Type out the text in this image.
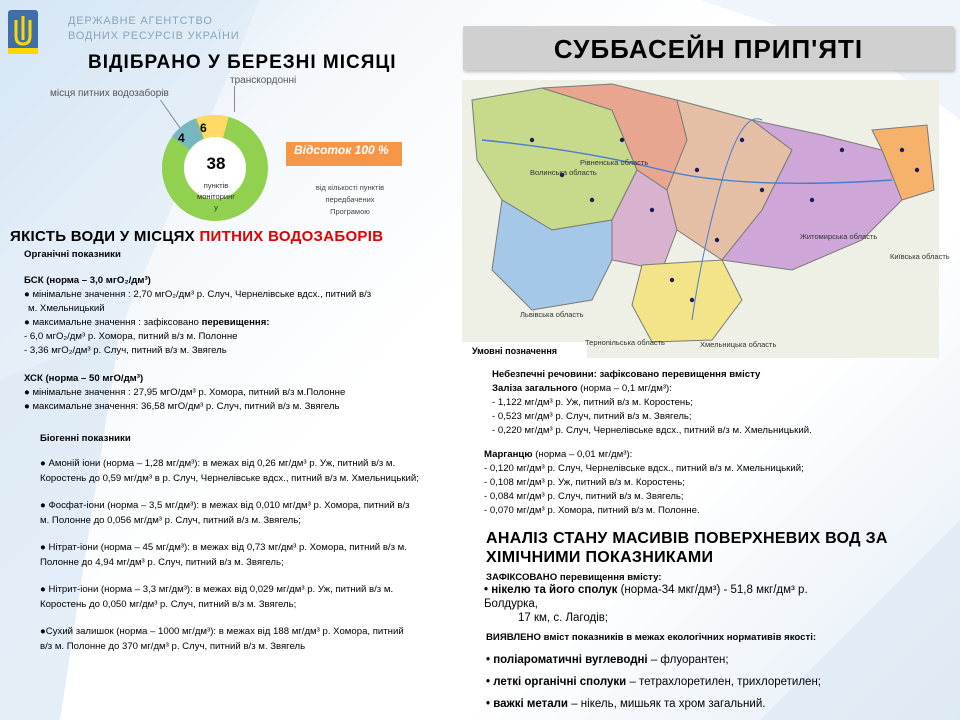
ДЕРЖАВНЕ АГЕНТСТВО
ВОДНИХ РЕСУРСІВ УКРАЇНИ	СУББАСЕЙН ПРИП'ЯТІ
ВІДІБРАНО У БЕРЕЗНІ МІСЯЦІ
транскордонні
місця питних водозаборів
38
пунктів
моніторинг
у
4
6
Відсоток 100 %
від кількості пунктів
передбачених
Програмою
ЯКІСТЬ ВОДИ У МІСЦЯХ ПИТНИХ ВОДОЗАБОРІВ
Органічні показники
БСК (норма – 3,0 мгО₂/дм³)
● мінімальне значення : 2,70 мгО₂/дм³ р. Случ, Чернелівське вдсх., питний в/з
м. Хмельницький
● максимальне значення : зафіксовано перевищення:
- 6,0 мгО₂/дм³ р. Хомора, питний в/з м. Полонне
- 3,36 мгО₂/дм³ р. Случ, питний в/з м. Звягель
ХСК (норма – 50 мгО/дм³)
● мінімальне значення : 27,95 мгО/дм³ р. Хомора, питний в/з м.Полонне
● максимальне значення: 36,58 мгО/дм³ р. Случ, питний в/з м. Звягель
Біогенні показники
● Амоній іони (норма – 1,28 мг/дм³): в межах від 0,26 мг/дм³ р. Уж, питний в/з м.
Коростень до 0,59 мг/дм³ в р. Случ, Чернелівське вдсх., питний в/з м. Хмельницький;
● Фосфат-іони (норма – 3,5 мг/дм³): в межах від 0,010 мг/дм³ р. Хомора, питний в/з
м. Полонне до 0,056 мг/дм³ р. Случ, питний в/з м. Звягель;
● Нітрат-іони (норма – 45 мг/дм³): в межах від 0,73 мг/дм³ р. Хомора, питний в/з м.
Полонне до 4,94 мг/дм³ р. Случ, питний в/з м. Звягель;
● Нітрит-іони (норма – 3,3 мг/дм³): в межах від 0,029 мг/дм³ р. Уж, питний в/з м.
Коростень до 0,050 мг/дм³ р. Случ, питний в/з м. Звягель;
●Сухий залишок (норма – 1000 мг/дм³): в межах від 188 мг/дм³ р. Хомора, питний
в/з м. Полонне до 370 мг/дм³ р. Случ, питний в/з м. Звягель
Рівненська область
Волинська область
Житомирська область
Київська область
Хмельницька область
Тернопільська область
Львівська область
Умовні позначення
Небезпечні речовини: зафіксовано перевищення вмісту
Заліза загального (норма – 0,1 мг/дм³):
- 1,122 мг/дм³ р. Уж, питний в/з м. Коростень;
- 0,523 мг/дм³ р. Случ, питний в/з м. Звягель;
- 0,220 мг/дм³ р. Случ, Чернелівське вдсх., питний в/з м. Хмельницький.
Марганцю (норма – 0,01 мг/дм³):
- 0,120 мг/дм³ р. Случ, Чернелівське вдсх., питний в/з м. Хмельницький;
- 0,108 мг/дм³ р. Уж, питний в/з м. Коростень;
- 0,084 мг/дм³ р. Случ, питний в/з м. Звягель;
- 0,070 мг/дм³ р. Хомора, питний в/з м. Полонне.
АНАЛІЗ СТАНУ МАСИВІВ ПОВЕРХНЕВИХ ВОД ЗА ХІМІЧНИМИ ПОКАЗНИКАМИ
ЗАФІКСОВАНО перевищення вмісту:
• нікелю та його сполук (норма-34 мкг/дм³) - 51,8 мкг/дм³ р.
Болдурка,
17 км, с. Лагодів;
ВИЯВЛЕНО вміст показників в межах екологічних нормативів якості:
• поліароматичні вуглеводні – флуорантен;
• леткі органічні сполуки – тетрахлоретилен, трихлоретилен;
• важкі метали – нікель, мишьяк та хром загальний.
